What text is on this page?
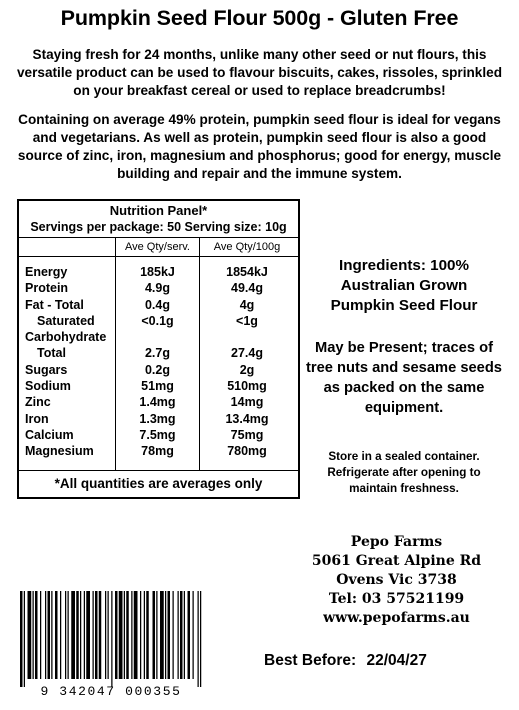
Pumpkin Seed Flour 500g - Gluten Free

Staying fresh for 24 months, unlike many other seed or nut flours, this versatile product can be used to flavour biscuits, cakes, rissoles, sprinkled on your breakfast cereal or used to replace breadcrumbs!

Containing on average 49% protein, pumpkin seed flour is ideal for vegans and vegetarians. As well as protein, pumpkin seed flour is also a good source of zinc, iron, magnesium and phosphorus; good for energy, muscle building and repair and the immune system.

Nutrition Panel*
Servings per package: 50 Serving size: 10g
Ave Qty/serv.	Ave Qty/100g
Energy
Protein
Fat - Total
Saturated
Carbohydrate
Total
Sugars
Sodium
Zinc
Iron
Calcium
Magnesium
185kJ
4.9g
0.4g
<0.1g
2.7g
0.2g
51mg
1.4mg
1.3mg
7.5mg
78mg
1854kJ
49.4g
4g
<1g
27.4g
2g
510mg
14mg
13.4mg
75mg
780mg
*All quantities are averages only
Ingredients: 100% Australian Grown Pumpkin Seed Flour
May be Present; traces of tree nuts and sesame seeds as packed on the same equipment.
Store in a sealed container. Refrigerate after opening to maintain freshness.
Pepo Farms
5061 Great Alpine Rd
Ovens Vic 3738
Tel: 03 57521199
www.pepofarms.au
9 342047 000355
Best Before: 22/04/27
